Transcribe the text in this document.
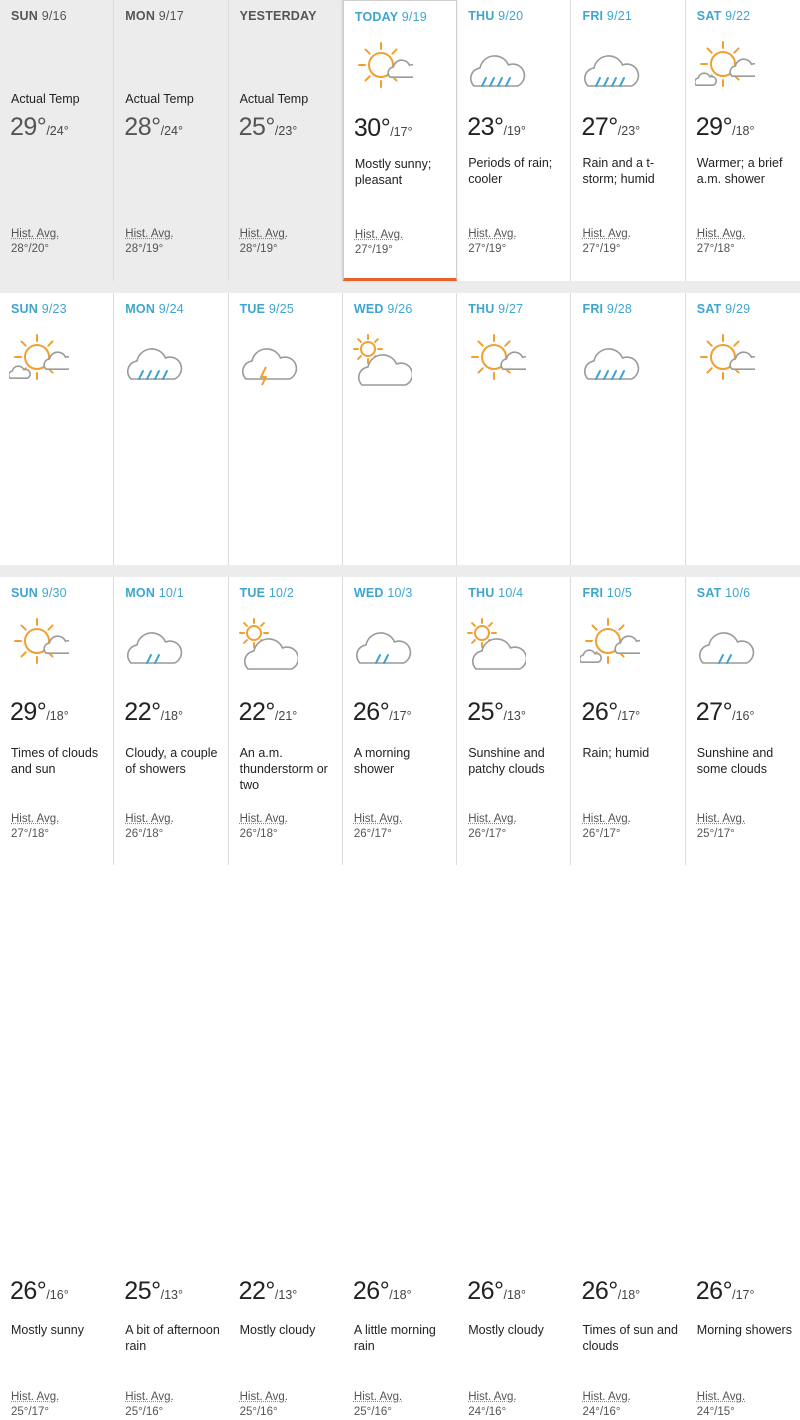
SUN 9/16
Actual Temp
29°/24°
Hist. Avg.
28°/20°
MON 9/17
Actual Temp
28°/24°
Hist. Avg.
28°/19°
YESTERDAY
Actual Temp
25°/23°
Hist. Avg.
28°/19°
TODAY 9/19
30°/17°
Mostly sunny; pleasant
Hist. Avg.
27°/19°
THU 9/20
23°/19°
Periods of rain; cooler
Hist. Avg.
27°/19°
FRI 9/21
27°/23°
Rain and a t-storm; humid
Hist. Avg.
27°/19°
SAT 9/22
29°/18°
Warmer; a brief a.m. shower
Hist. Avg.
27°/18°
SUN 9/23
29°/18°
Times of clouds and sun
Hist. Avg.
27°/18°
MON 9/24
22°/18°
Cloudy, a couple of showers
Hist. Avg.
26°/18°
TUE 9/25
22°/21°
An a.m. thunderstorm or two
Hist. Avg.
26°/18°
WED 9/26
26°/17°
A morning shower
Hist. Avg.
26°/17°
THU 9/27
25°/13°
Sunshine and patchy clouds
Hist. Avg.
26°/17°
FRI 9/28
26°/17°
Rain; humid
Hist. Avg.
26°/17°
SAT 9/29
27°/16°
Sunshine and some clouds
Hist. Avg.
25°/17°
SUN 9/30
26°/16°
Mostly sunny
Hist. Avg.
25°/17°
MON 10/1
25°/13°
A bit of afternoon rain
Hist. Avg.
25°/16°
TUE 10/2
22°/13°
Mostly cloudy
Hist. Avg.
25°/16°
WED 10/3
26°/18°
A little morning rain
Hist. Avg.
25°/16°
THU 10/4
26°/18°
Mostly cloudy
Hist. Avg.
24°/16°
FRI 10/5
26°/18°
Times of sun and clouds
Hist. Avg.
24°/16°
SAT 10/6
26°/17°
Morning showers
Hist. Avg.
24°/15°
